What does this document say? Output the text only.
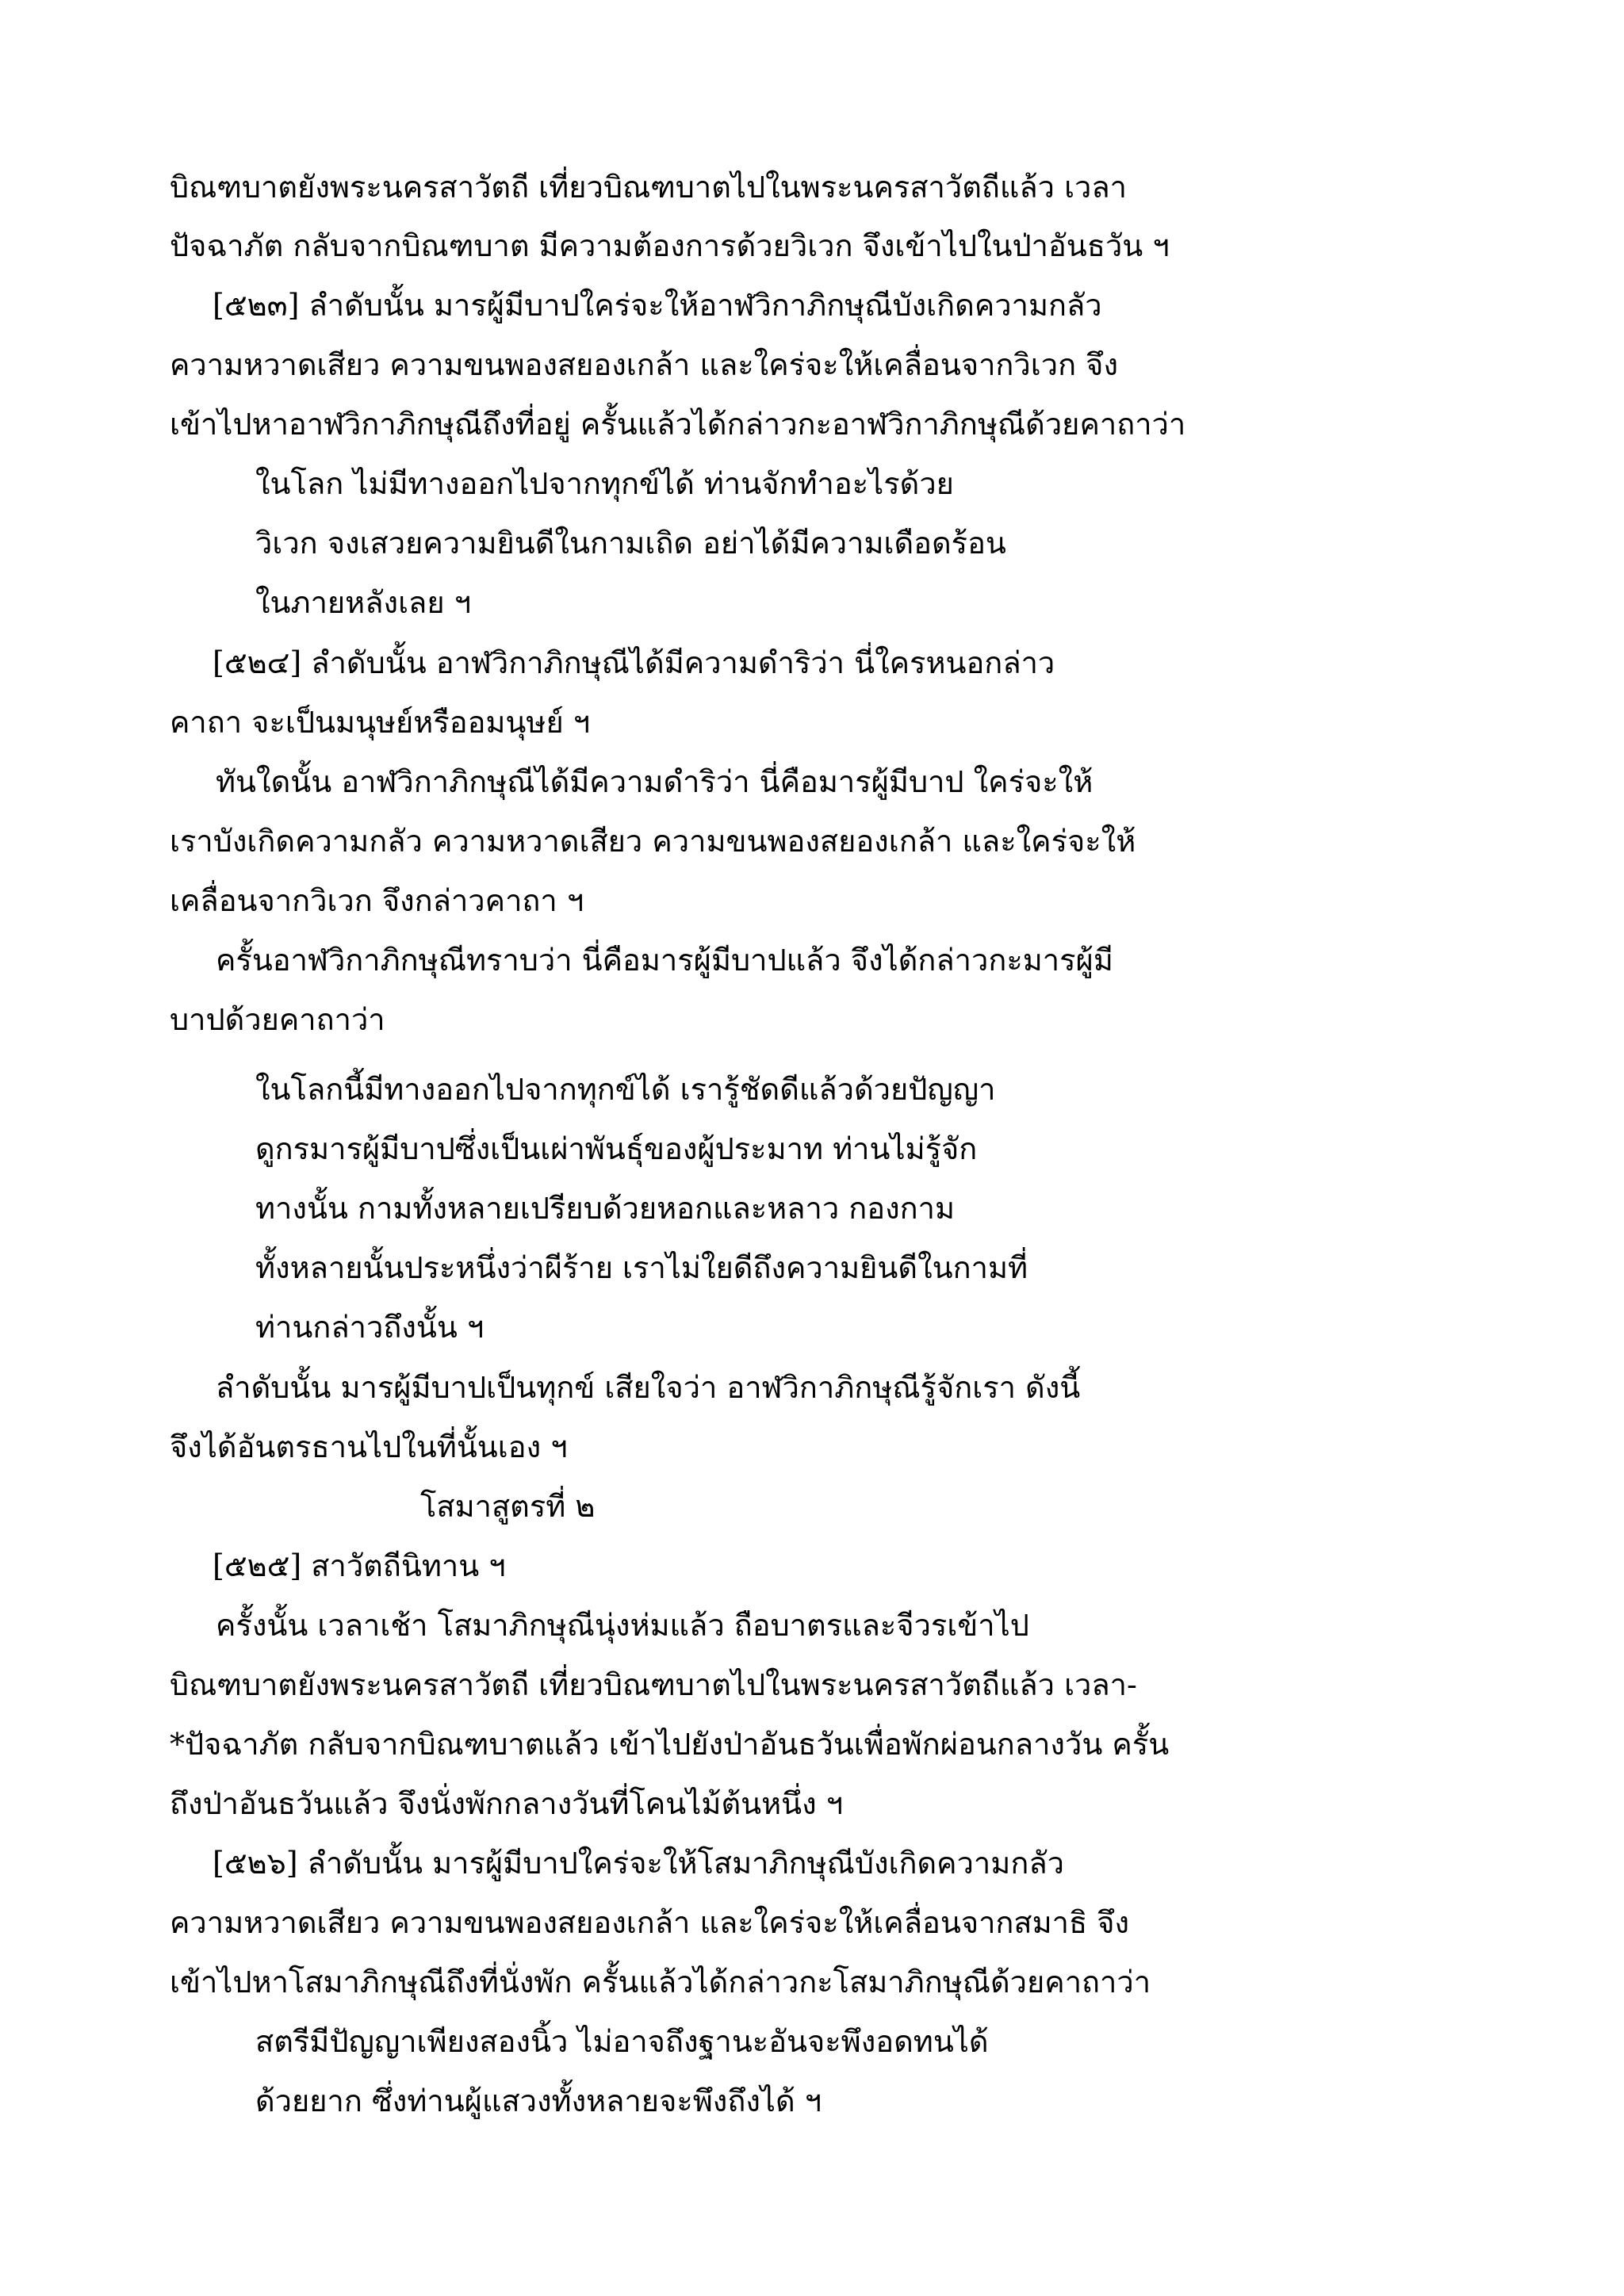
บิณฑบาตยังพระนครสาวัตถี เที่ยวบิณฑบาตไปในพระนครสาวัตถีแล้ว เวลา
ปัจฉาภัต กลับจากบิณฑบาต มีความต้องการด้วยวิเวก จึงเข้าไปในป่าอันธวัน ฯ
[๕๒๓] ลำดับนั้น มารผู้มีบาปใคร่จะให้อาฬวิกาภิกษุณีบังเกิดความกลัว
ความหวาดเสียว ความขนพองสยองเกล้า และใคร่จะให้เคลื่อนจากวิเวก จึง
เข้าไปหาอาฬวิกาภิกษุณีถึงที่อยู่ ครั้นแล้วได้กล่าวกะอาฬวิกาภิกษุณีด้วยคาถาว่า
ในโลก ไม่มีทางออกไปจากทุกข์ได้ ท่านจักทำอะไรด้วย
วิเวก จงเสวยความยินดีในกามเถิด อย่าได้มีความเดือดร้อน
ในภายหลังเลย ฯ
[๕๒๔] ลำดับนั้น อาฬวิกาภิกษุณีได้มีความดำริว่า นี่ใครหนอกล่าว
คาถา จะเป็นมนุษย์หรืออมนุษย์ ฯ
ทันใดนั้น อาฬวิกาภิกษุณีได้มีความดำริว่า นี่คือมารผู้มีบาป ใคร่จะให้
เราบังเกิดความกลัว ความหวาดเสียว ความขนพองสยองเกล้า และใคร่จะให้
เคลื่อนจากวิเวก จึงกล่าวคาถา ฯ
ครั้นอาฬวิกาภิกษุณีทราบว่า นี่คือมารผู้มีบาปแล้ว จึงได้กล่าวกะมารผู้มี
บาปด้วยคาถาว่า
ในโลกนี้มีทางออกไปจากทุกข์ได้ เรารู้ชัดดีแล้วด้วยปัญญา
ดูกรมารผู้มีบาปซึ่งเป็นเผ่าพันธุ์ของผู้ประมาท ท่านไม่รู้จัก
ทางนั้น กามทั้งหลายเปรียบด้วยหอกและหลาว กองกาม
ทั้งหลายนั้นประหนึ่งว่าผีร้าย เราไม่ใยดีถึงความยินดีในกามที่
ท่านกล่าวถึงนั้น ฯ
ลำดับนั้น มารผู้มีบาปเป็นทุกข์ เสียใจว่า อาฬวิกาภิกษุณีรู้จักเรา ดังนี้
จึงได้อันตรธานไปในที่นั้นเอง ฯ
โสมาสูตรที่ ๒
[๕๒๕] สาวัตถีนิทาน ฯ
ครั้งนั้น เวลาเช้า โสมาภิกษุณีนุ่งห่มแล้ว ถือบาตรและจีวรเข้าไป
บิณฑบาตยังพระนครสาวัตถี เที่ยวบิณฑบาตไปในพระนครสาวัตถีแล้ว เวลา-
*ปัจฉาภัต กลับจากบิณฑบาตแล้ว เข้าไปยังป่าอันธวันเพื่อพักผ่อนกลางวัน ครั้น
ถึงป่าอันธวันแล้ว จึงนั่งพักกลางวันที่โคนไม้ต้นหนึ่ง ฯ
[๕๒๖] ลำดับนั้น มารผู้มีบาปใคร่จะให้โสมาภิกษุณีบังเกิดความกลัว
ความหวาดเสียว ความขนพองสยองเกล้า และใคร่จะให้เคลื่อนจากสมาธิ จึง
เข้าไปหาโสมาภิกษุณีถึงที่นั่งพัก ครั้นแล้วได้กล่าวกะโสมาภิกษุณีด้วยคาถาว่า
สตรีมีปัญญาเพียงสองนิ้ว ไม่อาจถึงฐานะอันจะพึงอดทนได้
ด้วยยาก ซึ่งท่านผู้แสวงทั้งหลายจะพึงถึงได้ ฯ
